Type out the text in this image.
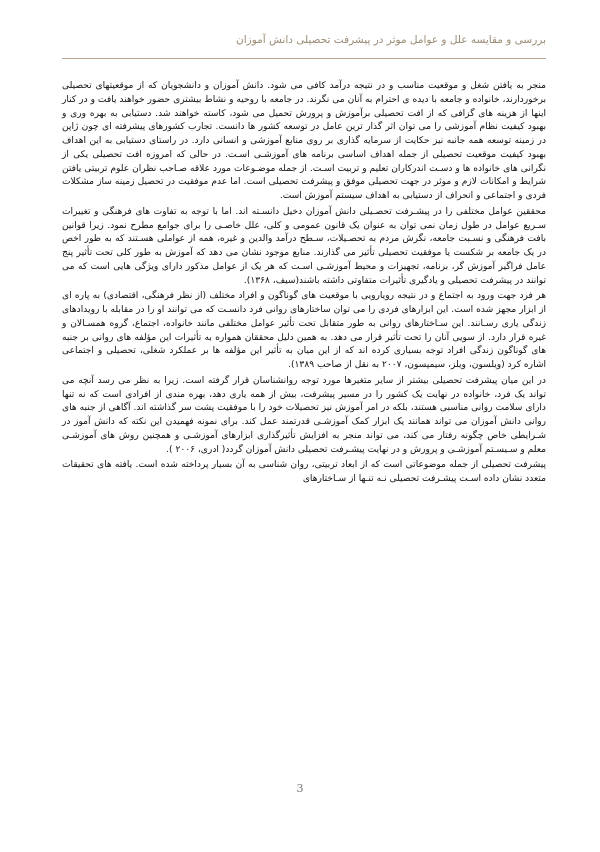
بررسی و مقایسه علل و عوامل موثر در پیشرفت تحصیلی دانش آموزان

منجر به یافتن شغل و موقعیت مناسب و در نتیجه درآمد کافی می شود. دانش آموزان و دانشجویان که از موقعیتهای تحصیلی برخوردارند، خانواده و جامعه با دیده ی احترام به آنان می نگرند. در جامعه با روحیه و نشاط بیشتری حضور خواهند یافت و در کنار اینها از هزینه های گزافی که از افت تحصیلی برآموزش و پرورش تحمیل می شود، کاسته خواهند شد. دستیابی به بهره وری و بهبود کیفیت نظام آموزشی را می توان اثر گذار ترین عامل در توسعه کشور ها دانست. تجارب کشورهای پیشرفته ای چون ژاپن در زمینه توسعه همه جانبه نیز حکایت از سرمایه گذاری بر روی منابع آموزشی و انسانی دارد. در راستای دستیابی به این اهداف بهبود کیفیت موقعیت تحصیلی از جمله اهداف اساسی برنامه های آموزشـی اسـت. در حالی که امروزه افت تحصیلی یکی از نگرانی های خانواده ها و دسـت اندرکاران تعلیم و تربیت اسـت. از جمله موضـوعات مورد علاقه صـاحب نظران علوم تربیتی یافتن شرایط و امکانات لازم و موثر در جهت تحصیلی موفق و پیشرفت تحصیلی است. اما عدم موفقیت در تحصیل زمینه ساز مشکلات فردی و اجتماعی و انحراف از دستیابی به اهداف سیستم آموزش است.

محققین عوامل مختلفی را در پیشـرفت تحصـیلی دانش آموزان دخیل دانسـته اند. اما با توجه به تفاوت های فرهنگی و تغییرات سـریع عوامل در طول زمان نمی توان به عنوان یک قانون عمومی و کلی، علل خاصـی را برای جوامع مطرح نمود. زیرا قوانین بافت فرهنگی و نسـبت جامعه، نگرش مردم به تحصـیلات، سـطح درآمد والدین و غیره، همه از عواملی هسـتند که به طور اخص در یک جامعه بر شکست یا موفقیت تحصیلی تأثیر می گذارند. منابع موجود نشان می دهد که آموزش به طور کلی تحت تأثیر پنج عامل فراگیر آموزش گر، برنامه، تجهیزات و محیط آموزشـی اسـت که هر یک از عوامل مذکور دارای ویژگی هایی است که می توانند در پیشرفت تحصیلی و یادگیری تأثیرات متفاوتی داشته باشند(سیف، ۱۳۶۸).

هر فرد جهت ورود به اجتماع و در نتیجه رویارویی با موقعیت های گوناگون و افراد مختلف (از نظر فرهنگی، اقتصادی) به پاره ای از ابزار مجهز شده است. این ابزارهای فردی را می توان ساختارهای روانی فرد دانسـت که می توانند او را در مقابله با رویدادهای زندگی یاری رسـانند. این سـاختارهای روانی به طور متقابل تحت تأثیر عوامل مختلفی مانند خانواده، اجتماع، گروه همسـالان و غیره قرار دارد. از سویی آنان را تحت تأثیر قرار می دهد. به همین دلیل محققان همواره به تأثیرات این مؤلفه های روانی بر جنبه های گوناگون زندگی افراد توجه بسیاری کرده اند که از این میان به تأثیر این مؤلفه ها بر عملکرد شغلی، تحصیلی و اجتماعی اشاره کرد (ویلسون، ویلز، سیمپسون، ۲۰۰۷ به نقل از صاحب ۱۳۸۹).

در این میان پیشرفت تحصیلی بیشتر از سایر متغیرها مورد توجه روانشناسان قرار گرفته است. زیرا به نظر می رسد آنچه می تواند یک فرد، خانواده در نهایت یک کشور را در مسیر پیشرفت، بیش از همه یاری دهد، بهره مندی از افرادی است که نه تنها دارای سلامت روانی مناسبی هستند، بلکه در امر آموزش نیز تحصیلات خود را با موفقیت پشت سر گذاشته اند. آگاهی از جنبه های روانی دانش آموزان می تواند همانند یک ابزار کمک آموزشـی قدرتمند عمل کند. برای نمونه فهمیدن این نکته که دانش آموز در شـرایطی خاص چگونه رفتار می کند، می تواند منجر به افزایش تأثیرگذاری ابزارهای آموزشـی و همچنین روش های آموزشـی معلم و سـیسـتم آموزشـی و پرورش و در نهایت پیشـرفت تحصیلی دانش آموزان گردد( ادری، ۲۰۰۶ ).

پیشرفت تحصیلی از جمله موضوعاتی است که از ابعاد تربیتی، روان شناسی به آن بسیار پرداخته شده است. یافته های تحقیقات متعدد نشان داده اسـت پیشـرفت تحصیلی نـه تنـها از سـاختارهای

3
